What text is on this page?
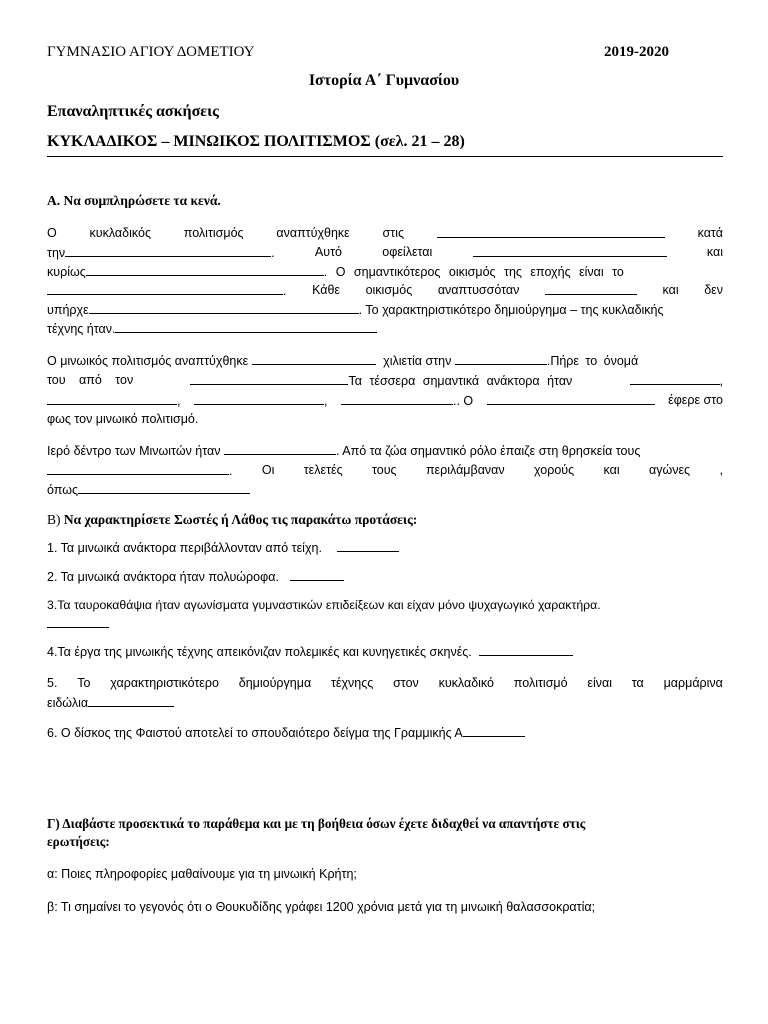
ΓΥΜΝΑΣΙΟ ΑΓΙΟΥ ΔΟΜΕΤΙΟΥ	2019-2020
Ιστορία Α΄ Γυμνασίου
Επαναληπτικές ασκήσεις
ΚΥΚΛΑΔΙΚΟΣ – ΜΙΝΩΙΚΟΣ ΠΟΛΙΤΙΣΜΟΣ (σελ. 21 – 28)
Α. Να συμπληρώσετε τα κενά.
Ο	κυκλαδικός	πολιτισμός	αναπτύχθηκε	στις	κατά
την	.	Αυτό	οφείλεται	και
κυρίως	. Ο σημαντικότερος οικισμός της εποχής είναι το
. Κάθε οικισμός αναπτυσσόταν	και δεν
υπήρχε	. Το χαρακτηριστικότερο δημιούργημα – της κυκλαδικής
τέχνης ήταν.
Ο μινωικός πολιτισμός αναπτύχθηκε	χιλιετία στην	.Πήρε το όνομά
του από τον	Τα τέσσερα σημαντικά ανάκτορα ήταν	,
,	,	.. Ο	έφερε στο
φως τον μινωικό πολιτισμό.
Ιερό δέντρο των Μινωιτών ήταν	. Από τα ζώα σημαντικό ρόλο έπαιζε στη θρησκεία τους
. Οι τελετές τους περιλάμβαναν χορούς και αγώνες ,
όπως
Β) Να χαρακτηρίσετε Σωστές ή Λάθος τις παρακάτω προτάσεις:
1. Τα μινωικά ανάκτορα περιβάλλονταν από τείχη.
2. Τα μινωικά ανάκτορα ήταν πολυώροφα.
3.Τα ταυροκαθάψια ήταν αγωνίσματα γυμναστικών επιδείξεων και είχαν μόνο ψυχαγωγικό χαρακτήρα.
4.Τα έργα της μινωικής τέχνης απεικόνιζαν πολεμικές και κυνηγετικές σκηνές.
5. Το χαρακτηριστικότερο δημιούργημα τέχνηςς στον κυκλαδικό πολιτισμό είναι τα μαρμάρινα
ειδώλια
6. Ο δίσκος της Φαιστού αποτελεί το σπουδαιότερο δείγμα της Γραμμικής Α
Γ) Διαβάστε προσεκτικά το παράθεμα και με τη βοήθεια όσων έχετε διδαχθεί να απαντήστε στις
ερωτήσεις:
α: Ποιες πληροφορίες μαθαίνουμε για τη μινωική Κρήτη;
β: Τι σημαίνει το γεγονός ότι ο Θουκυδίδης γράφει 1200 χρόνια μετά για τη μινωική θαλασσοκρατία;
